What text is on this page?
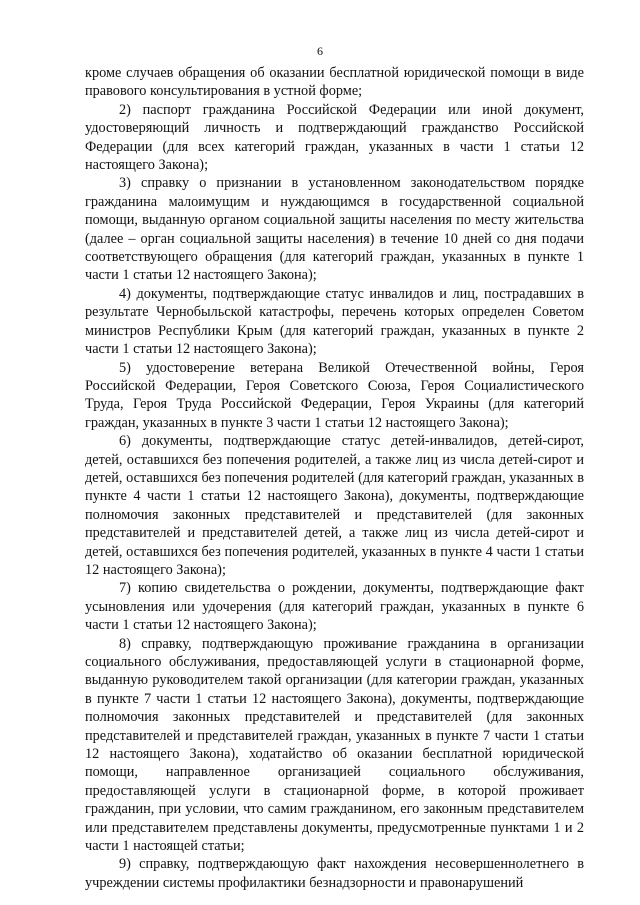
6

кроме случаев обращения об оказании бесплатной юридической помощи в виде правового консультирования в устной форме;

2) паспорт гражданина Российской Федерации или иной документ, удостоверяющий личность и подтверждающий гражданство Российской Федерации (для всех категорий граждан, указанных в части 1 статьи 12 настоящего Закона);

3) справку о признании в установленном законодательством порядке гражданина малоимущим и нуждающимся в государственной социальной помощи, выданную органом социальной защиты населения по месту жительства (далее – орган социальной защиты населения) в течение 10 дней со дня подачи соответствующего обращения (для категорий граждан, указанных в пункте 1 части 1 статьи 12 настоящего Закона);

4) документы, подтверждающие статус инвалидов и лиц, пострадавших в результате Чернобыльской катастрофы, перечень которых определен Советом министров Республики Крым (для категорий граждан, указанных в пункте 2 части 1 статьи 12 настоящего Закона);

5) удостоверение ветерана Великой Отечественной войны, Героя Российской Федерации, Героя Советского Союза, Героя Социалистического Труда, Героя Труда Российской Федерации, Героя Украины (для категорий граждан, указанных в пункте 3 части 1 статьи 12 настоящего Закона);

6) документы, подтверждающие статус детей-инвалидов, детей-сирот, детей, оставшихся без попечения родителей, а также лиц из числа детей-сирот и детей, оставшихся без попечения родителей (для категорий граждан, указанных в пункте 4 части 1 статьи 12 настоящего Закона), документы, подтверждающие полномочия законных представителей и представителей (для законных представителей и представителей детей, а также лиц из числа детей-сирот и детей, оставшихся без попечения родителей, указанных в пункте 4 части 1 статьи 12 настоящего Закона);

7) копию свидетельства о рождении, документы, подтверждающие факт усыновления или удочерения (для категорий граждан, указанных в пункте 6 части 1 статьи 12 настоящего Закона);

8) справку, подтверждающую проживание гражданина в организации социального обслуживания, предоставляющей услуги в стационарной форме, выданную руководителем такой организации (для категории граждан, указанных в пункте 7 части 1 статьи 12 настоящего Закона), документы, подтверждающие полномочия законных представителей и представителей (для законных представителей и представителей граждан, указанных в пункте 7 части 1 статьи 12 настоящего Закона), ходатайство об оказании бесплатной юридической помощи, направленное организацией социального обслуживания, предоставляющей услуги в стационарной форме, в которой проживает гражданин, при условии, что самим гражданином, его законным представителем или представителем представлены документы, предусмотренные пунктами 1 и 2 части 1 настоящей статьи;

9) справку, подтверждающую факт нахождения несовершеннолетнего в учреждении системы профилактики безнадзорности и правонарушений
